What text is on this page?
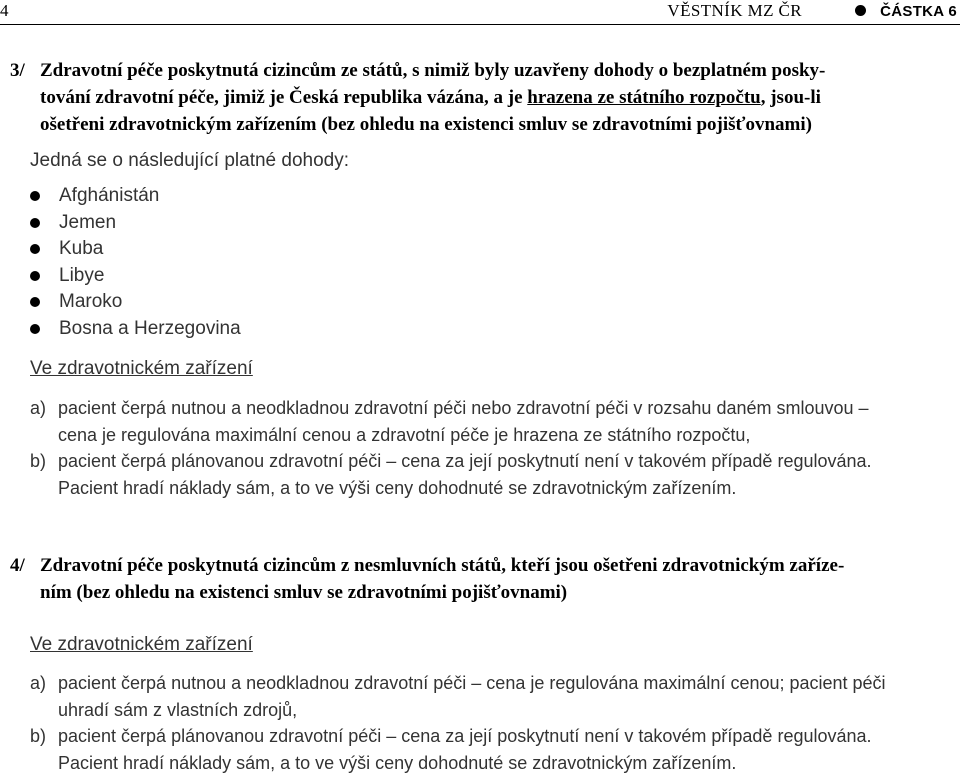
4	VĚSTNÍK MZ ČR	ČÁSTKA 6
3/ Zdravotní péče poskytnutá cizincům ze států, s nimiž byly uzavřeny dohody o bezplatném posky-
tování zdravotní péče, jimiž je Česká republika vázána, a je hrazena ze státního rozpočtu, jsou-li
ošetřeni zdravotnickým zařízením (bez ohledu na existenci smluv se zdravotními pojišťovnami)
Jedná se o následující platné dohody:
Afghánistán
Jemen
Kuba
Libye
Maroko
Bosna a Herzegovina
Ve zdravotnickém zařízení
a) pacient čerpá nutnou a neodkladnou zdravotní péči nebo zdravotní péči v rozsahu daném smlouvou –
cena je regulována maximální cenou a zdravotní péče je hrazena ze státního rozpočtu,
b) pacient čerpá plánovanou zdravotní péči – cena za její poskytnutí není v takovém případě regulována.
Pacient hradí náklady sám, a to ve výši ceny dohodnuté se zdravotnickým zařízením.
4/ Zdravotní péče poskytnutá cizincům z nesmluvních států, kteří jsou ošetřeni zdravotnickým zaříze-
ním (bez ohledu na existenci smluv se zdravotními pojišťovnami)
Ve zdravotnickém zařízení
a) pacient čerpá nutnou a neodkladnou zdravotní péči – cena je regulována maximální cenou; pacient péči
uhradí sám z vlastních zdrojů,
b) pacient čerpá plánovanou zdravotní péči – cena za její poskytnutí není v takovém případě regulována.
Pacient hradí náklady sám, a to ve výši ceny dohodnuté se zdravotnickým zařízením.
